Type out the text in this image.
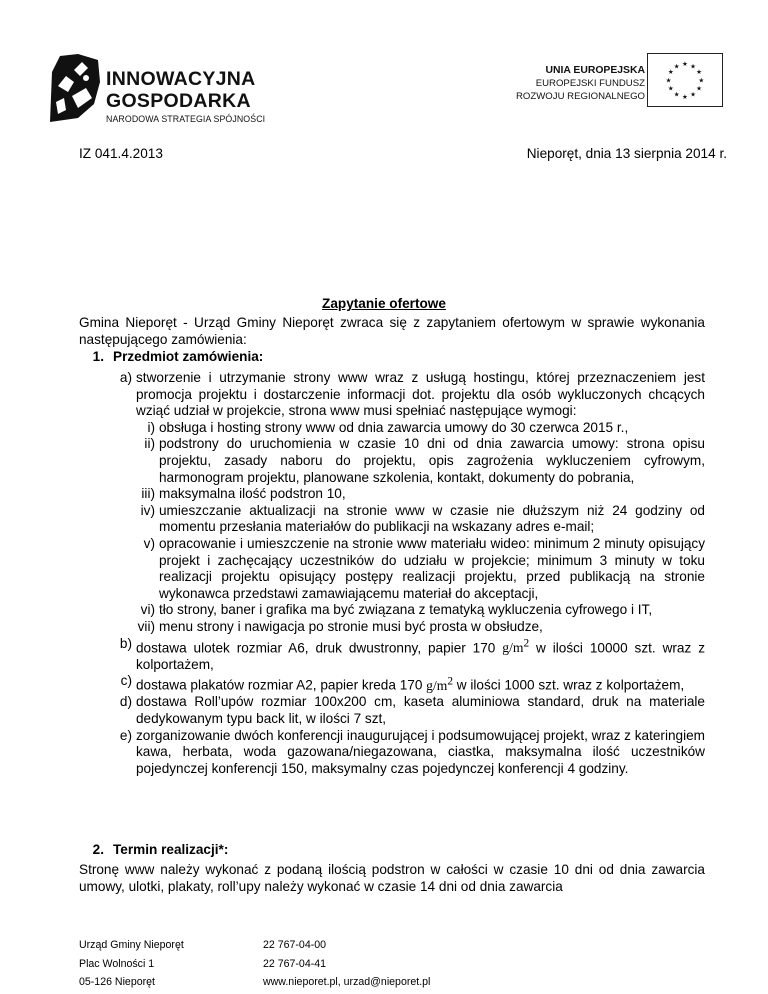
INNOWACYJNA
GOSPODARKA
NARODOWA STRATEGIA SPÓJNOŚCI
UNIA EUROPEJSKA
EUROPEJSKI FUNDUSZ
ROZWOJU REGIONALNEGO
★ ★
★
★
★
★
★
★
★
★
★
★
IZ 041.4.2013	Nieporęt, dnia 13 sierpnia 2014 r.
Zapytanie ofertowe
Gmina Nieporęt - Urząd Gminy Nieporęt zwraca się z zapytaniem ofertowym w sprawie wykonania następującego zamówienia:
1. Przedmiot zamówienia:
a) stworzenie i utrzymanie strony www wraz z usługą hostingu, której przeznaczeniem jest promocja projektu i dostarczenie informacji dot. projektu dla osób wykluczonych chcących wziąć udział w projekcie, strona www musi spełniać następujące wymogi:
i) obsługa i hosting strony www od dnia zawarcia umowy do 30 czerwca 2015 r.,
ii) podstrony do uruchomienia w czasie 10 dni od dnia zawarcia umowy: strona opisu projektu, zasady naboru do projektu, opis zagrożenia wykluczeniem cyfrowym, harmonogram projektu, planowane szkolenia, kontakt, dokumenty do pobrania,
iii) maksymalna ilość podstron 10,
iv) umieszczanie aktualizacji na stronie www w czasie nie dłuższym niż 24 godziny od momentu przesłania materiałów do publikacji na wskazany adres e-mail;
v) opracowanie i umieszczenie na stronie www materiału wideo: minimum 2 minuty opisujący projekt i zachęcający uczestników do udziału w projekcie; minimum 3 minuty w toku realizacji projektu opisujący postępy realizacji projektu, przed publikacją na stronie wykonawca przedstawi zamawiającemu materiał do akceptacji,
vi) tło strony, baner i grafika ma być związana z tematyką wykluczenia cyfrowego i IT,
vii) menu strony i nawigacja po stronie musi być prosta w obsłudze,
b) dostawa ulotek rozmiar A6, druk dwustronny, papier 170 $g/m^2$ w ilości 10000 szt. wraz z kolportażem,
c) dostawa plakatów rozmiar A2, papier kreda 170 $g/m^2$ w ilości 1000 szt. wraz z kolportażem,
d) dostawa Roll’upów rozmiar 100x200 cm, kaseta aluminiowa standard, druk na materiale dedykowanym typu back lit, w ilości 7 szt,
e) zorganizowanie dwóch konferencji inaugurującej i podsumowującej projekt, wraz z kateringiem kawa, herbata, woda gazowana/niegazowana, ciastka, maksymalna ilość uczestników pojedynczej konferencji 150, maksymalny czas pojedynczej konferencji 4 godziny.
2. Termin realizacji*:
Stronę www należy wykonać z podaną ilością podstron w całości w czasie 10 dni od dnia zawarcia umowy, ulotki, plakaty, roll’upy należy wykonać w czasie 14 dni od dnia zawarcia
Urząd Gminy Nieporęt	22 767-04-00
Plac Wolności 1	22 767-04-41
05-126 Nieporęt	www.nieporet.pl, urzad@nieporet.pl
